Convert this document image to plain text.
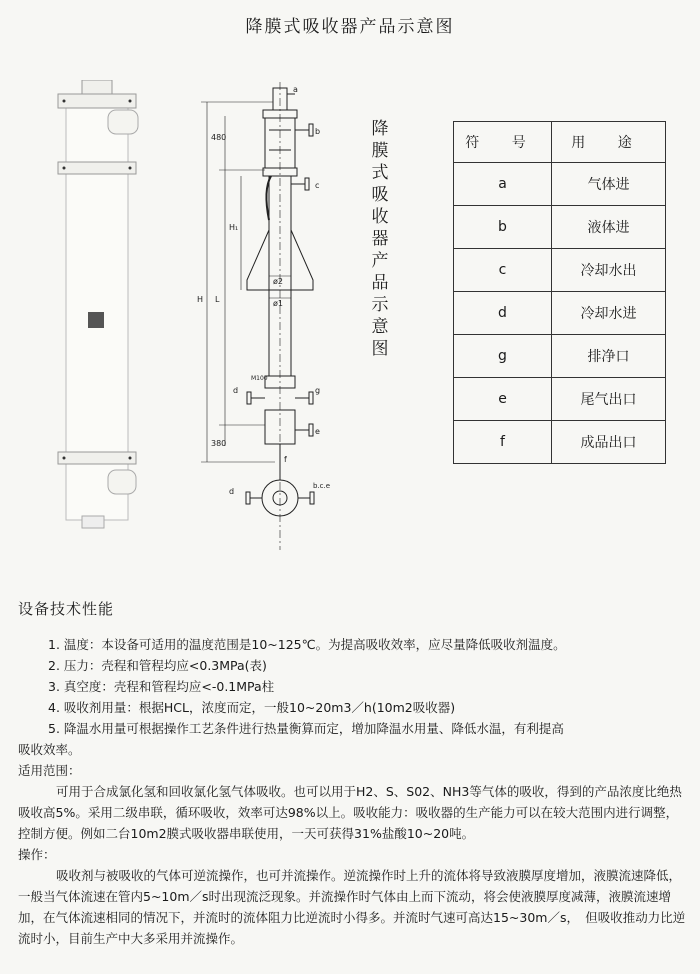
降膜式吸收器产品示意图
a
b
c
d	g
e
f
480
380
H L
H₁
ø2
ø1
M100
d
b.c.e
降膜式吸收器产品示意图
符 号	用 途
a	气体进
b	液体进
c	冷却水出
d	冷却水进
g	排净口
e	尾气出口
f	成品出口
设备技术性能
1. 温度：本设备可适用的温度范围是10~125℃。为提高吸收效率，应尽量降低吸收剂温度。
2. 压力：壳程和管程均应<0.3MPa(表)
3. 真空度：壳程和管程均应<-0.1MPa柱
4. 吸收剂用量：根据HCL，浓度而定，一般10~20m3／h(10m2吸收器)
5. 降温水用量可根据操作工艺条件进行热量衡算而定，增加降温水用量、降低水温，有利提高
吸收效率。
适用范围：
可用于合成氯化氢和回收氯化氢气体吸收。也可以用于H2、S、S02、NH3等气体的吸收，得到的产品浓度比绝热吸收高5%。采用二级串联，循环吸收，效率可达98%以上。吸收能力：吸收器的生产能力可以在较大范围内进行调整，控制方便。例如二台10m2膜式吸收器串联使用，一天可获得31%盐酸10~20吨。
操作：
吸收剂与被吸收的气体可逆流操作，也可并流操作。逆流操作时上升的流体将导致液膜厚度增加，液膜流速降低，一般当气体流速在管内5~10m／s时出现流泛现象。并流操作时气体由上而下流动，将会使液膜厚度减薄，液膜流速增加，在气体流速相同的情况下，并流时的流体阻力比逆流时小得多。并流时气速可高达15~30m／s，　但吸收推动力比逆流时小，目前生产中大多采用并流操作。
